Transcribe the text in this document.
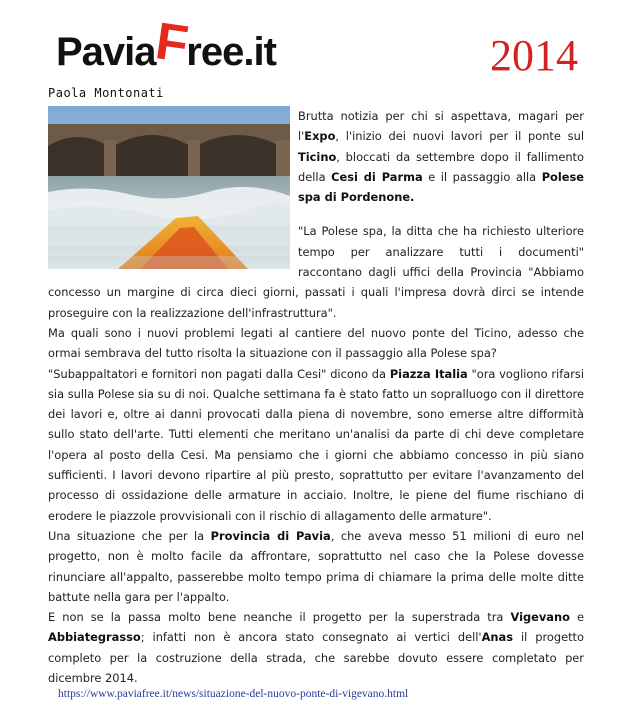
PaviaFree.it	2014
Paola Montonati

Brutta notizia per chi si aspettava, magari per l'Expo, l'inizio dei nuovi lavori per il ponte sul Ticino, bloccati da settembre dopo il fallimento della Cesi di Parma e il passaggio alla Polese spa di Pordenone.

"La Polese spa, la ditta che ha richiesto ulteriore tempo per analizzare tutti i documenti" raccontano dagli uffici della Provincia "Abbiamo concesso un margine di circa dieci giorni, passati i quali l'impresa dovrà dirci se intende proseguire con la realizzazione dell'infrastruttura".

Ma quali sono i nuovi problemi legati al cantiere del nuovo ponte del Ticino, adesso che ormai sembrava del tutto risolta la situazione con il passaggio alla Polese spa?

"Subappaltatori e fornitori non pagati dalla Cesi" dicono da Piazza Italia "ora vogliono rifarsi sia sulla Polese sia su di noi. Qualche settimana fa è stato fatto un sopralluogo con il direttore dei lavori e, oltre ai danni provocati dalla piena di novembre, sono emerse altre difformità sullo stato dell'arte. Tutti elementi che meritano un'analisi da parte di chi deve completare l'opera al posto della Cesi. Ma pensiamo che i giorni che abbiamo concesso in più siano sufficienti. I lavori devono ripartire al più presto, soprattutto per evitare l'avanzamento del processo di ossidazione delle armature in acciaio. Inoltre, le piene del fiume rischiano di erodere le piazzole provvisionali con il rischio di allagamento delle armature".

Una situazione che per la Provincia di Pavia, che aveva messo 51 milioni di euro nel progetto, non è molto facile da affrontare, soprattutto nel caso che la Polese dovesse rinunciare all'appalto, passerebbe molto tempo prima di chiamare la prima delle molte ditte battute nella gara per l'appalto.

E non se la passa molto bene neanche il progetto per la superstrada tra Vigevano e Abbiategrasso; infatti non è ancora stato consegnato ai vertici dell'Anas il progetto completo per la costruzione della strada, che sarebbe dovuto essere completato per dicembre 2014.

https://www.paviafree.it/news/situazione-del-nuovo-ponte-di-vigevano.html
